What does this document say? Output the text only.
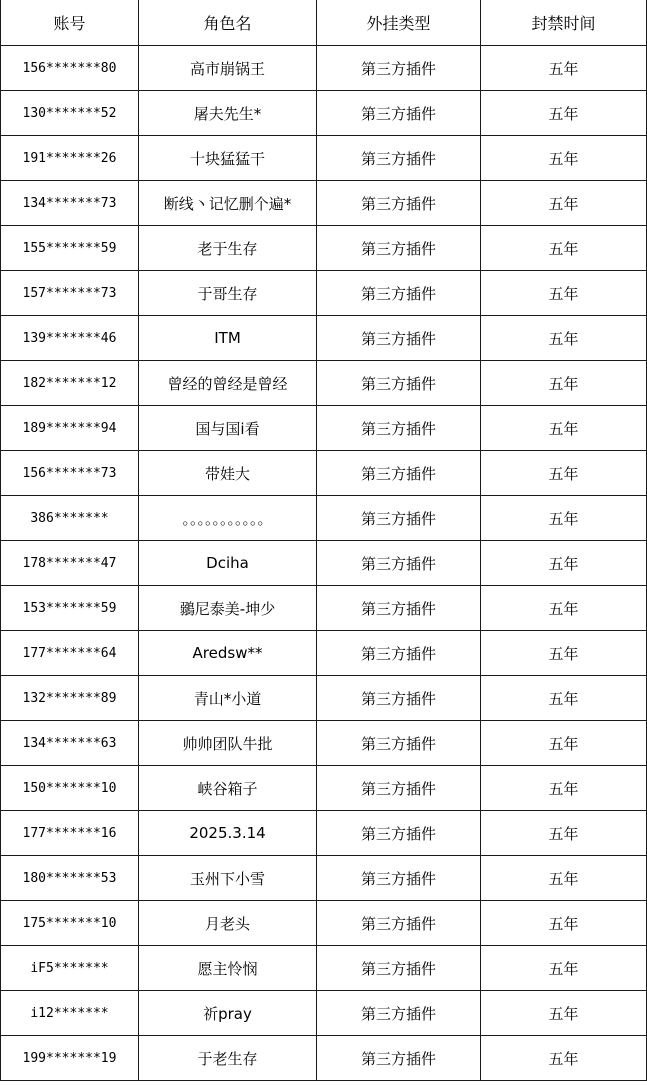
账号	角色名	外挂类型	封禁时间
156*******80	高市崩锅王	第三方插件	五年
130*******52	屠夫先生*	第三方插件	五年
191*******26	十块猛猛干	第三方插件	五年
134*******73	断线丶记忆删个遍*	第三方插件	五年
155*******59	老于生存	第三方插件	五年
157*******73	于哥生存	第三方插件	五年
139*******46	ITM	第三方插件	五年
182*******12	曾经的曾经是曾经	第三方插件	五年
189*******94	国与国i看	第三方插件	五年
156*******73	带娃大	第三方插件	五年
386*******	。。。。。。。。。。。	第三方插件	五年
178*******47	Dciha	第三方插件	五年
153*******59	鶸尼泰美-坤少	第三方插件	五年
177*******64	Aredsw**	第三方插件	五年
132*******89	青山*小道	第三方插件	五年
134*******63	帅帅团队牛批	第三方插件	五年
150*******10	峡谷箱子	第三方插件	五年
177*******16	2025.3.14	第三方插件	五年
180*******53	玉州下小雪	第三方插件	五年
175*******10	月老头	第三方插件	五年
iF5*******	愿主怜悯	第三方插件	五年
i12*******	祈pray	第三方插件	五年
199*******19	于老生存	第三方插件	五年
